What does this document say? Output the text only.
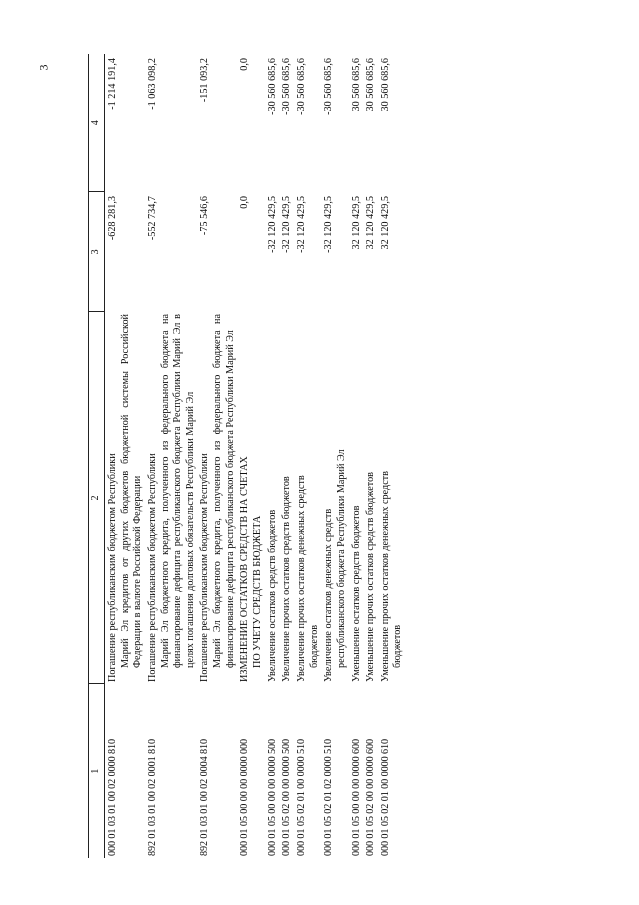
3
1	2	3	4
000 01 03 01 00 02 0000 810	Погашение республиканским бюджетом Республики Марий Эл кредитов от других бюджетов бюджетной системы Российской Федерации в валюте Российской Федерации	-628 281,3	-1 214 191,4
892 01 03 01 00 02 0001 810	Погашение республиканским бюджетом Республики Марий Эл бюджетного кредита, полученного из федерального бюджета на финансирование дефицита республиканского бюджета Республики Марий Эл в целях погашения долговых обязательств Республики Марий Эл	-552 734,7	-1 063 098,2
892 01 03 01 00 02 0004 810	Погашение республиканским бюджетом Республики Марий Эл бюджетного кредита, полученного из федерального бюджета на финансирование дефицита республиканского бюджета Республики Марий Эл	-75 546,6	-151 093,2
000 01 05 00 00 00 0000 000	ИЗМЕНЕНИЕ ОСТАТКОВ СРЕДСТВ НА СЧЕТАХ ПО УЧЕТУ СРЕДСТВ БЮДЖЕТА	0,0	0,0
000 01 05 00 00 00 0000 500	Увеличение остатков средств бюджетов	-32 120 429,5	-30 560 685,6
000 01 05 02 00 00 0000 500	Увеличение прочих остатков средств бюджетов	-32 120 429,5	-30 560 685,6
000 01 05 02 01 00 0000 510	Увеличение прочих остатков денежных средств бюджетов	-32 120 429,5	-30 560 685,6
000 01 05 02 01 02 0000 510	Увеличение остатков денежных средств республиканского бюджета Республики Марий Эл	-32 120 429,5	-30 560 685,6
000 01 05 00 00 00 0000 600	Уменьшение остатков средств бюджетов	32 120 429,5	30 560 685,6
000 01 05 02 00 00 0000 600	Уменьшение прочих остатков средств бюджетов	32 120 429,5	30 560 685,6
000 01 05 02 01 00 0000 610	Уменьшение прочих остатков денежных средств бюджетов	32 120 429,5	30 560 685,6
